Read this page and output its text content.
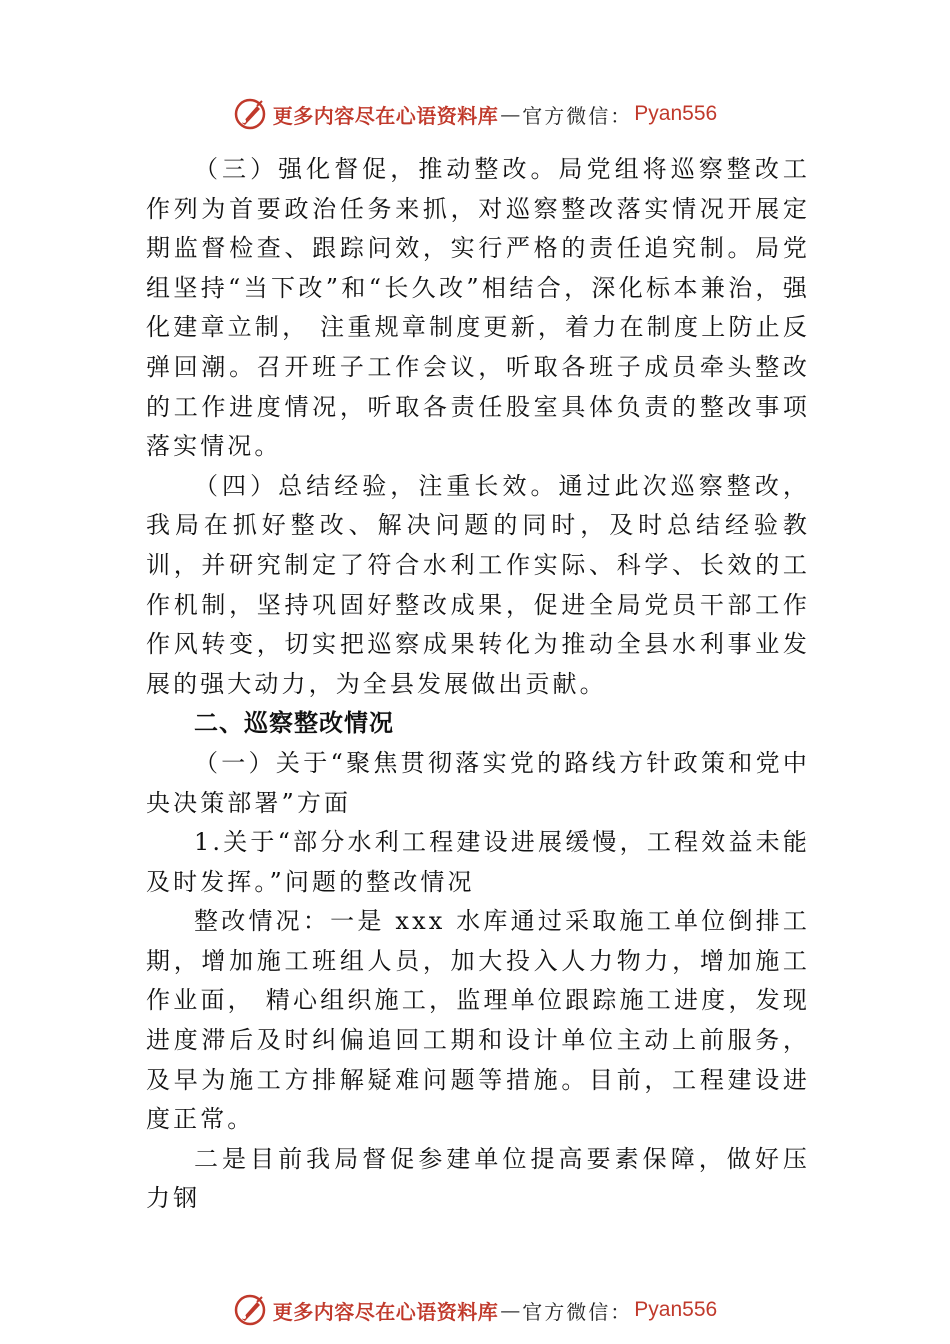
更多内容尽在心语资料库 — 官方微信： Pyan556

（三）强化督促，推动整改。局党组将巡察整改工作列为首要政治任务来抓，对巡察整改落实情况开展定期监督检查、跟踪问效，实行严格的责任追究制。局党组坚持“当下改”和“长久改”相结合，深化标本兼治，强化建章立制， 注重规章制度更新，着力在制度上防止反弹回潮。召开班子工作会议，听取各班子成员牵头整改的工作进度情况，听取各责任股室具体负责的整改事项落实情况。

（四）总结经验，注重长效。通过此次巡察整改，我局在抓好整改、解决问题的同时，及时总结经验教训，并研究制定了符合水利工作实际、科学、长效的工作机制，坚持巩固好整改成果，促进全局党员干部工作作风转变，切实把巡察成果转化为推动全县水利事业发展的强大动力，为全县发展做出贡献。

二、巡察整改情况

（一）关于“聚焦贯彻落实党的路线方针政策和党中央决策部署”方面

1.关于“部分水利工程建设进展缓慢，工程效益未能及时发挥。”问题的整改情况

整改情况：一是 xxx 水库通过采取施工单位倒排工期，增加施工班组人员，加大投入人力物力，增加施工作业面， 精心组织施工，监理单位跟踪施工进度，发现进度滞后及时纠偏追回工期和设计单位主动上前服务，及早为施工方排解疑难问题等措施。目前，工程建设进度正常。

二是目前我局督促参建单位提高要素保障，做好压力钢

更多内容尽在心语资料库 — 官方微信： Pyan556
